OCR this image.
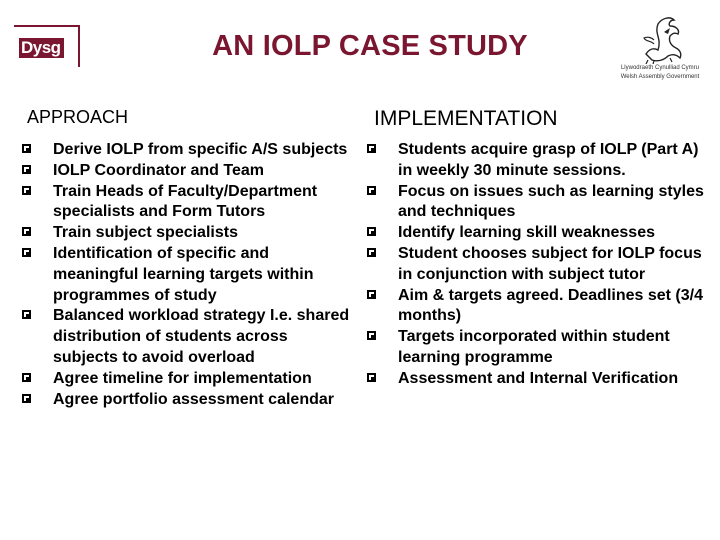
Dysg	AN IOLP CASE STUDY
Llywodraeth Cynulliad Cymru
Welsh Assembly Government
APPROACH	IMPLEMENTATION
Derive IOLP from specific A/S subjects
IOLP Coordinator and Team
Train Heads of Faculty/Department specialists and Form Tutors
Train subject specialists
Identification of specific and meaningful learning targets within programmes of study
Balanced workload strategy I.e. shared distribution of students across subjects to avoid overload
Agree timeline for implementation
Agree portfolio assessment calendar
Students acquire grasp of IOLP (Part A) in weekly 30 minute sessions.
Focus on issues such as learning styles and techniques
Identify learning skill weaknesses
Student chooses subject for IOLP focus in conjunction with subject tutor
Aim & targets agreed. Deadlines set (3/4 months)
Targets incorporated within student learning programme
Assessment and Internal Verification
